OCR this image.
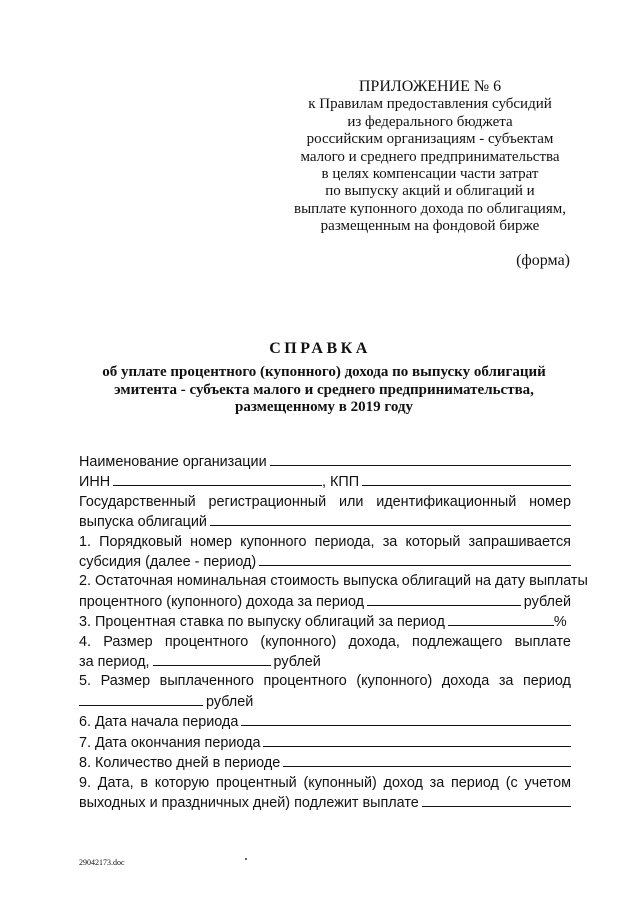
ПРИЛОЖЕНИЕ № 6
к Правилам предоставления субсидий
из федерального бюджета
российским организациям - субъектам
малого и среднего предпринимательства
в целях компенсации части затрат
по выпуску акций и облигаций и
выплате купонного дохода по облигациям,
размещенным на фондовой бирже
(форма)
СПРАВКА
об уплате процентного (купонного) дохода по выпуску облигаций
эмитента - субъекта малого и среднего предпринимательства,
размещенному в 2019 году
Наименование организации
ИНН	, КПП
Государственный регистрационный или идентификационный номер
выпуска облигаций
1. Порядковый номер купонного периода, за который запрашивается
субсидия (далее - период)
2. Остаточная номинальная стоимость выпуска облигаций на дату выплаты
процентного (купонного) дохода за период	рублей
3. Процентная ставка по выпуску облигаций за период	%
4. Размер процентного (купонного) дохода, подлежащего выплате
за период,	рублей
5. Размер выплаченного процентного (купонного) дохода за период
рублей
6. Дата начала периода
7. Дата окончания периода
8. Количество дней в периоде
9. Дата, в которую процентный (купонный) доход за период (с учетом
выходных и праздничных дней) подлежит выплате
29042173.doc
